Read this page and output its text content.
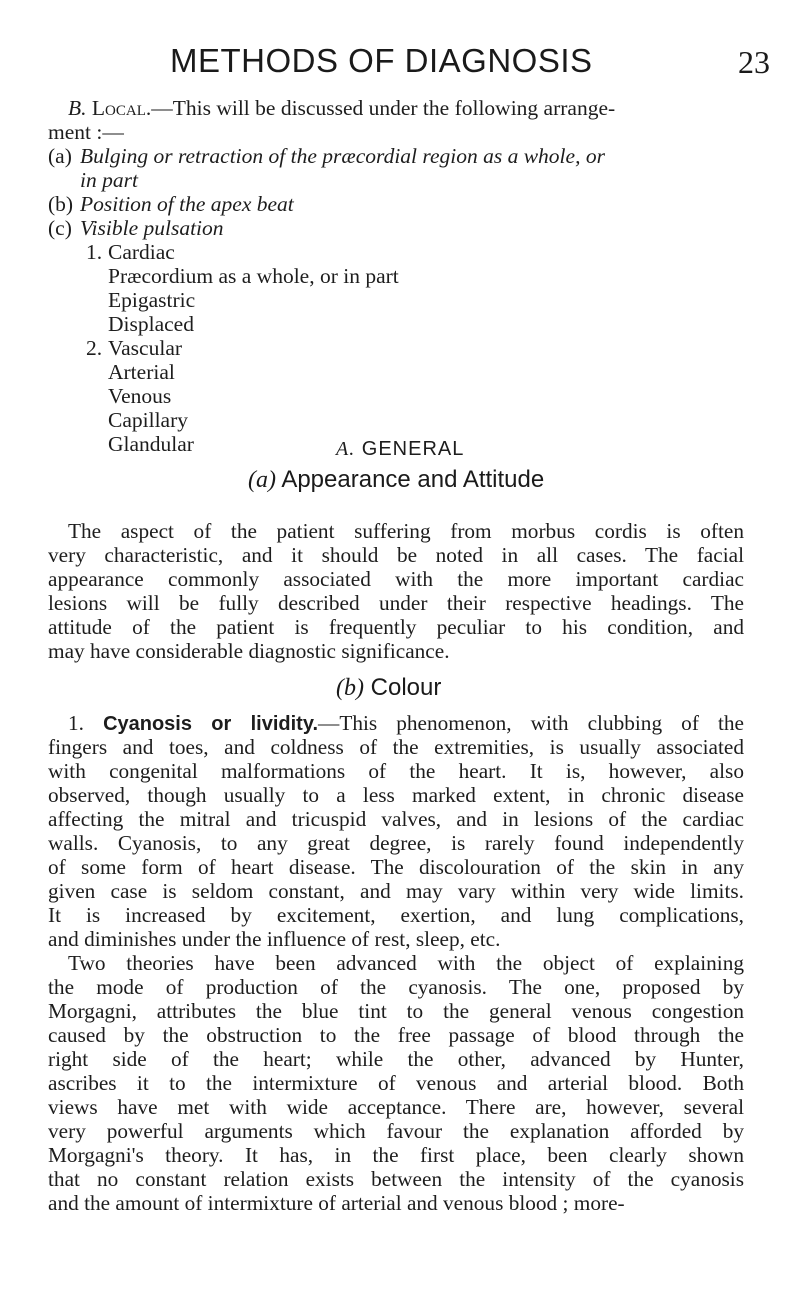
METHODS OF DIAGNOSIS	23
B. Local.—This will be discussed under the following arrange-
ment :—
(a) Bulging or retraction of the præcordial region as a whole, or
in part
(b) Position of the apex beat
(c) Visible pulsation
1. Cardiac
Præcordium as a whole, or in part
Epigastric
Displaced
2. Vascular
Arterial
Venous
Capillary
Glandular	A. GENERAL
(a) Appearance and Attitude
The aspect of the patient suffering from morbus cordis is often
very characteristic, and it should be noted in all cases. The facial
appearance commonly associated with the more important cardiac
lesions will be fully described under their respective headings. The
attitude of the patient is frequently peculiar to his condition, and
may have considerable diagnostic significance.
(b) Colour
1. Cyanosis or lividity.—This phenomenon, with clubbing of the
fingers and toes, and coldness of the extremities, is usually associated
with congenital malformations of the heart. It is, however, also
observed, though usually to a less marked extent, in chronic disease
affecting the mitral and tricuspid valves, and in lesions of the cardiac
walls. Cyanosis, to any great degree, is rarely found independently
of some form of heart disease. The discolouration of the skin in any
given case is seldom constant, and may vary within very wide limits.
It is increased by excitement, exertion, and lung complications,
and diminishes under the influence of rest, sleep, etc.
Two theories have been advanced with the object of explaining
the mode of production of the cyanosis. The one, proposed by
Morgagni, attributes the blue tint to the general venous congestion
caused by the obstruction to the free passage of blood through the
right side of the heart; while the other, advanced by Hunter,
ascribes it to the intermixture of venous and arterial blood. Both
views have met with wide acceptance. There are, however, several
very powerful arguments which favour the explanation afforded by
Morgagni's theory. It has, in the first place, been clearly shown
that no constant relation exists between the intensity of the cyanosis
and the amount of intermixture of arterial and venous blood ; more-
